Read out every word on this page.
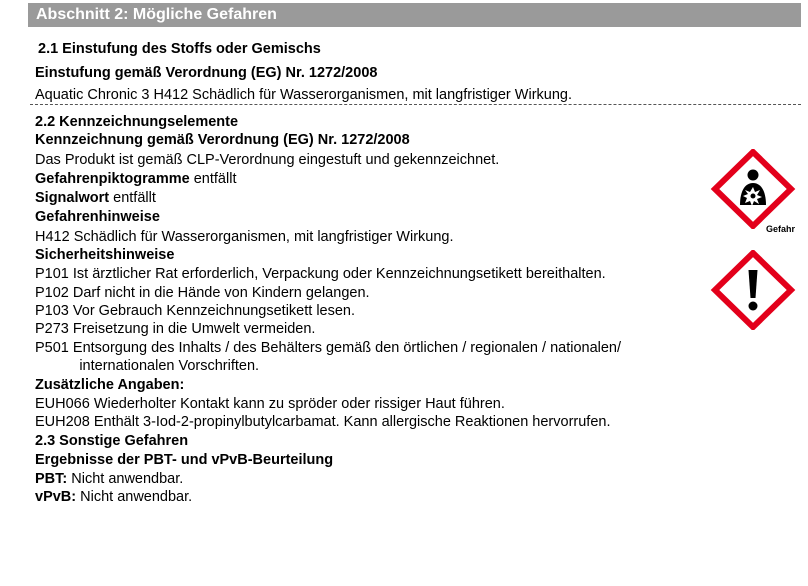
Abschnitt 2: Mögliche Gefahren
2.1 Einstufung des Stoffs oder Gemischs
Einstufung gemäß Verordnung (EG) Nr. 1272/2008
Aquatic Chronic 3 H412 Schädlich für Wasserorganismen, mit langfristiger Wirkung.
2.2 Kennzeichnungselemente
Kennzeichnung gemäß Verordnung (EG) Nr. 1272/2008
Das Produkt ist gemäß CLP-Verordnung eingestuft und gekennzeichnet.
Gefahrenpiktogramme entfällt
Signalwort entfällt
Gefahrenhinweise
H412 Schädlich für Wasserorganismen, mit langfristiger Wirkung.
Sicherheitshinweise
P101 Ist ärztlicher Rat erforderlich, Verpackung oder Kennzeichnungsetikett bereithalten.
P102 Darf nicht in die Hände von Kindern gelangen.
P103 Vor Gebrauch Kennzeichnungsetikett lesen.
P273 Freisetzung in die Umwelt vermeiden.
P501 Entsorgung des Inhalts / des Behälters gemäß den örtlichen / regionalen / nationalen/
internationalen Vorschriften.
Zusätzliche Angaben:
EUH066 Wiederholter Kontakt kann zu spröder oder rissiger Haut führen.
EUH208 Enthält 3-Iod-2-propinylbutylcarbamat. Kann allergische Reaktionen hervorrufen.
2.3 Sonstige Gefahren
Ergebnisse der PBT- und vPvB-Beurteilung
PBT: Nicht anwendbar.
vPvB: Nicht anwendbar.
Gefahr
